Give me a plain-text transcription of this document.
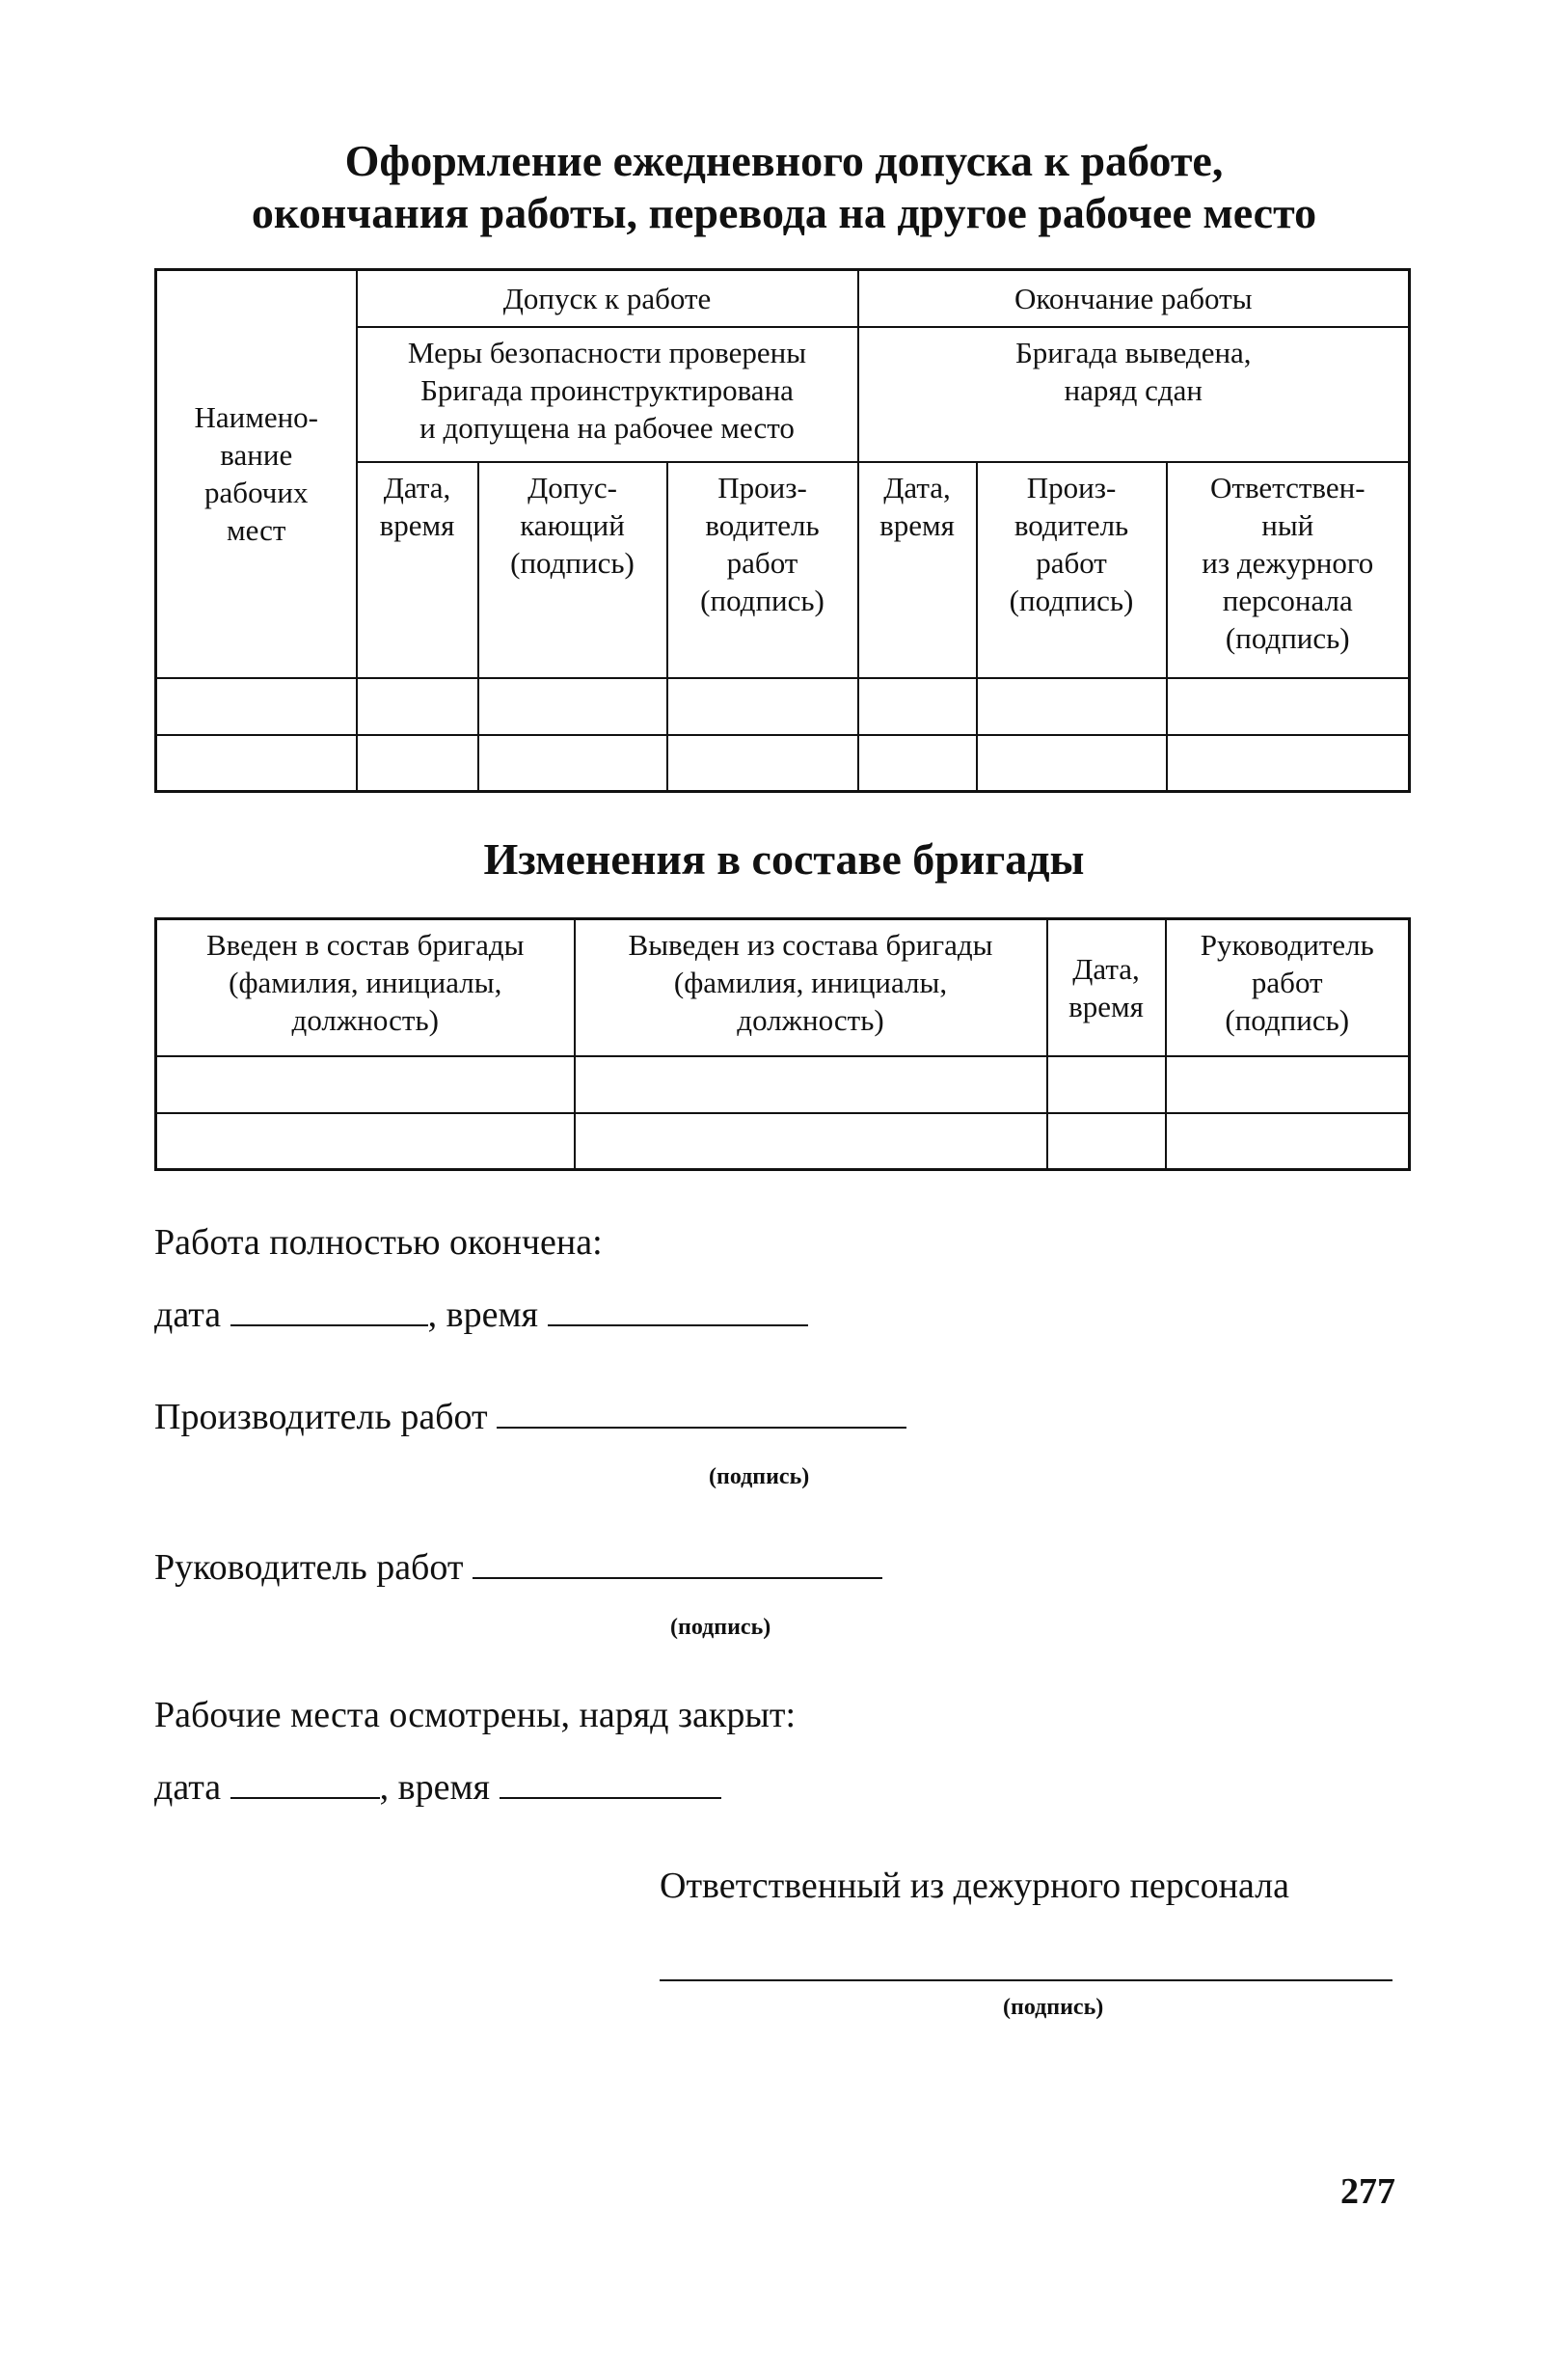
Оформление ежедневного допуска к работе,
окончания работы, перевода на другое рабочее место
Наимено-
вание
рабочих
мест	Допуск к работе			Окончание работы		
	Меры безопасности проверены
Бригада проинструктирована
и допущена на рабочее место			Бригада выведена,
наряд сдан		
	Дата,
время	Допус-
кающий
(подпись)	Произ-
водитель
работ
(подпись)	Дата,
время	Произ-
водитель
работ
(подпись)	Ответствен-
ный
из дежурного
персонала
(подпись)

Изменения в составе бригады
Введен в состав бригады
(фамилия, инициалы,
должность)	Выведен из состава бригады
(фамилия, инициалы,
должность)	Дата,
время	Руководитель
работ
(подпись)

Работа полностью окончена:
дата	, время
Производитель работ
(подпись)
Руководитель работ
(подпись)
Рабочие места осмотрены, наряд закрыт:
дата	, время
Ответственный из дежурного персонала
(подпись)
277
